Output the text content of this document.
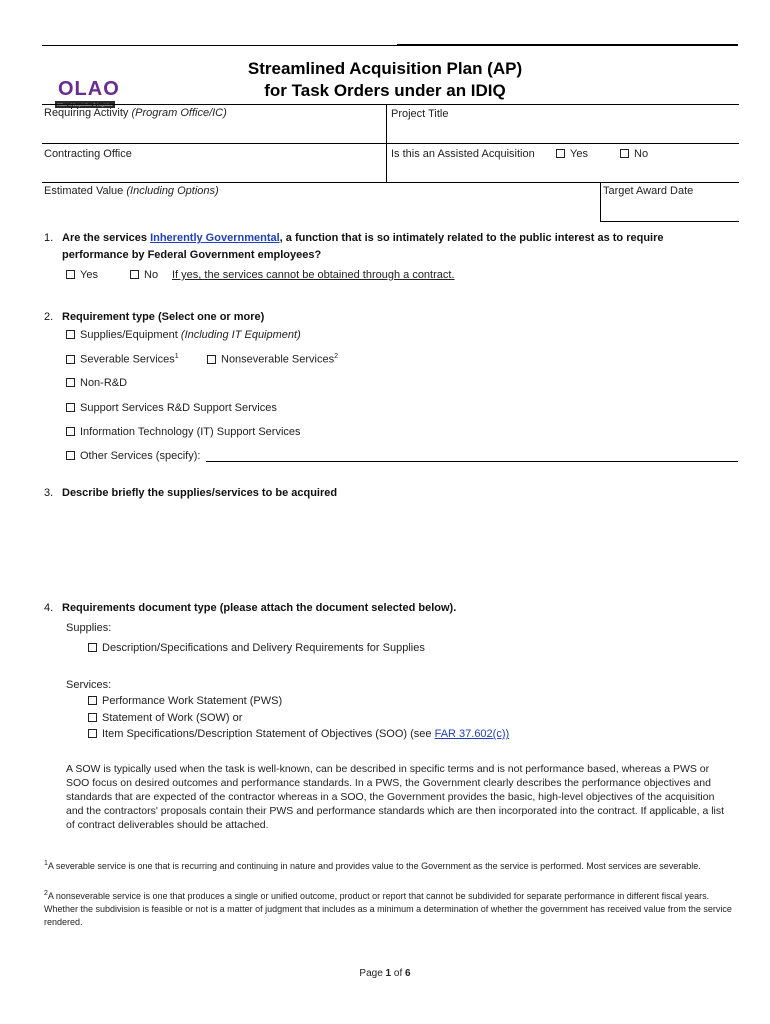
OLAO
Streamlined Acquisition Plan (AP)
for Task Orders under an IDIQ
Requiring Activity (Program Office/IC)	Project Title
Contracting Office	Is this an Assisted Acquisition	Yes	No
Estimated Value (Including Options)	Target Award Date
1. Are the services Inherently Governmental, a function that is so intimately related to the public interest as to require performance by Federal Government employees?
Yes	No If yes, the services cannot be obtained through a contract.
2. Requirement type (Select one or more)
Supplies/Equipment (Including IT Equipment)
Severable Services$^1$	Nonseverable Services$^2$
Non-R&D
Support Services R&D Support Services
Information Technology (IT) Support Services
Other Services (specify):
3. Describe briefly the supplies/services to be acquired
4. Requirements document type (please attach the document selected below).
Supplies:
Description/Specifications and Delivery Requirements for Supplies
Services:
Performance Work Statement (PWS)
Statement of Work (SOW) or
Item Specifications/Description Statement of Objectives (SOO) (see FAR 37.602(c))
A SOW is typically used when the task is well-known, can be described in specific terms and is not performance based, whereas a PWS or SOO focus on desired outcomes and performance standards. In a PWS, the Government clearly describes the performance objectives and standards that are expected of the contractor whereas in a SOO, the Government provides the basic, high-level objectives of the acquisition and the contractors' proposals contain their PWS and performance standards which are then incorporated into the contract. If applicable, a list of contract deliverables should be attached.
$^1$A severable service is one that is recurring and continuing in nature and provides value to the Government as the service is performed. Most services are severable.
$^2$A nonseverable service is one that produces a single or unified outcome, product or report that cannot be subdivided for separate performance in different fiscal years. Whether the subdivision is feasible or not is a matter of judgment that includes as a minimum a determination of whether the government has received value from the service rendered.
Page 1 of 6
